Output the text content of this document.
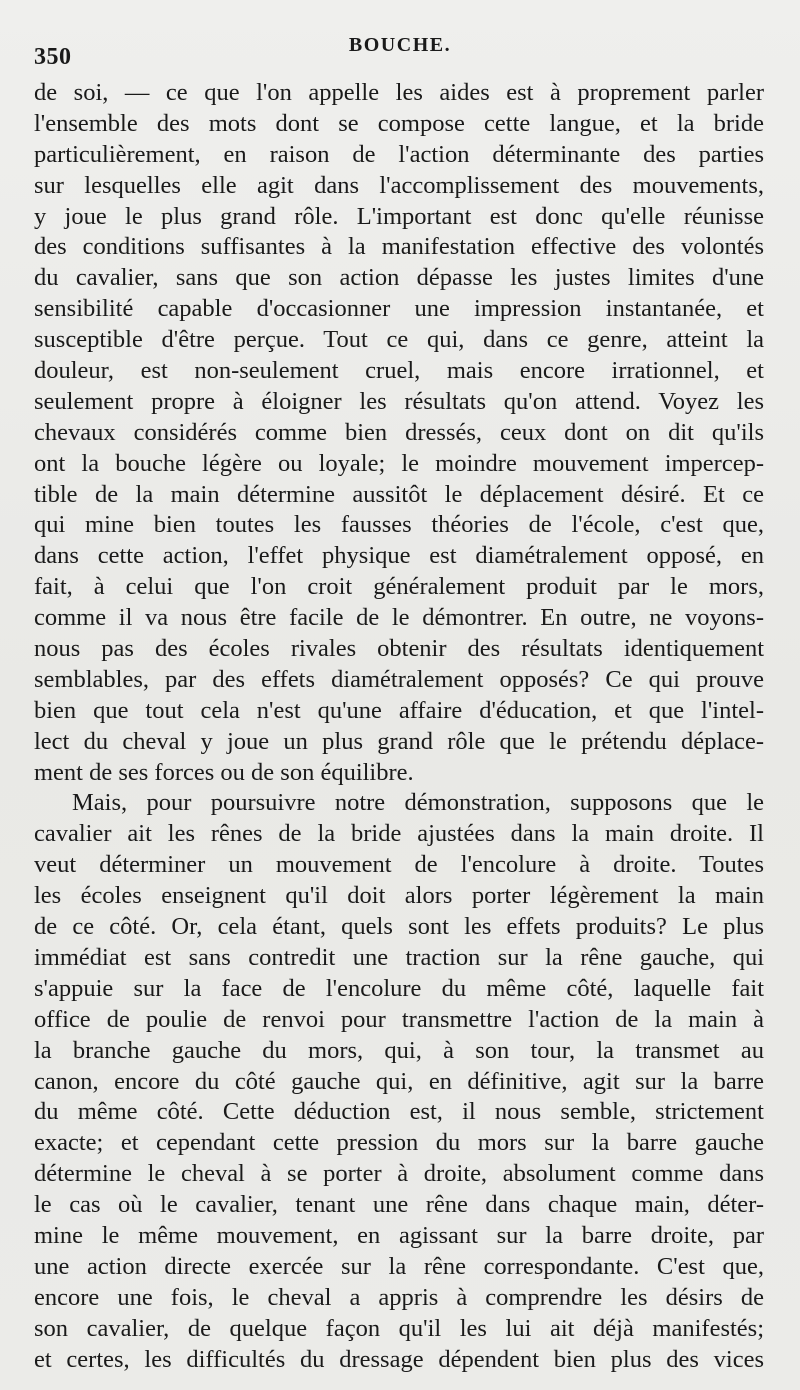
350	BOUCHE.
de soi, — ce que l'on appelle les aides est à proprement parler
l'ensemble des mots dont se compose cette langue, et la bride
particulièrement, en raison de l'action déterminante des parties
sur lesquelles elle agit dans l'accomplissement des mouvements,
y joue le plus grand rôle. L'important est donc qu'elle réunisse
des conditions suffisantes à la manifestation effective des volontés
du cavalier, sans que son action dépasse les justes limites d'une
sensibilité capable d'occasionner une impression instantanée, et
susceptible d'être perçue. Tout ce qui, dans ce genre, atteint la
douleur, est non-seulement cruel, mais encore irrationnel, et
seulement propre à éloigner les résultats qu'on attend. Voyez les
chevaux considérés comme bien dressés, ceux dont on dit qu'ils
ont la bouche légère ou loyale; le moindre mouvement impercep-
tible de la main détermine aussitôt le déplacement désiré. Et ce
qui mine bien toutes les fausses théories de l'école, c'est que,
dans cette action, l'effet physique est diamétralement opposé, en
fait, à celui que l'on croit généralement produit par le mors,
comme il va nous être facile de le démontrer. En outre, ne voyons-
nous pas des écoles rivales obtenir des résultats identiquement
semblables, par des effets diamétralement opposés? Ce qui prouve
bien que tout cela n'est qu'une affaire d'éducation, et que l'intel-
lect du cheval y joue un plus grand rôle que le prétendu déplace-
ment de ses forces ou de son équilibre.
Mais, pour poursuivre notre démonstration, supposons que le
cavalier ait les rênes de la bride ajustées dans la main droite. Il
veut déterminer un mouvement de l'encolure à droite. Toutes
les écoles enseignent qu'il doit alors porter légèrement la main
de ce côté. Or, cela étant, quels sont les effets produits? Le plus
immédiat est sans contredit une traction sur la rêne gauche, qui
s'appuie sur la face de l'encolure du même côté, laquelle fait
office de poulie de renvoi pour transmettre l'action de la main à
la branche gauche du mors, qui, à son tour, la transmet au
canon, encore du côté gauche qui, en définitive, agit sur la barre
du même côté. Cette déduction est, il nous semble, strictement
exacte; et cependant cette pression du mors sur la barre gauche
détermine le cheval à se porter à droite, absolument comme dans
le cas où le cavalier, tenant une rêne dans chaque main, déter-
mine le même mouvement, en agissant sur la barre droite, par
une action directe exercée sur la rêne correspondante. C'est que,
encore une fois, le cheval a appris à comprendre les désirs de
son cavalier, de quelque façon qu'il les lui ait déjà manifestés;
et certes, les difficultés du dressage dépendent bien plus des vices
